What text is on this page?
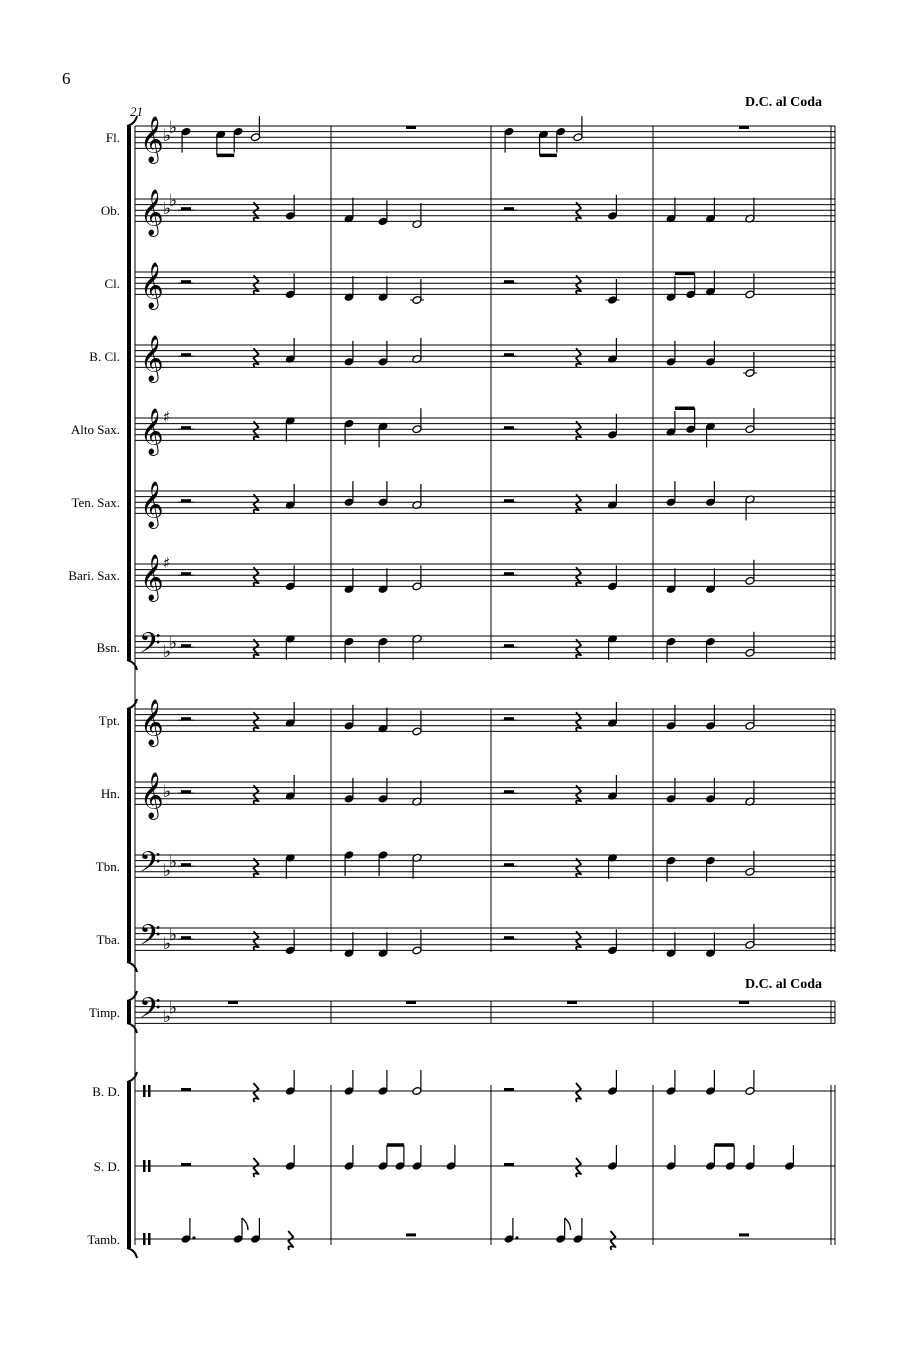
6
21
D.C. al Coda
D.C. al Coda
Fl. 𝄞 ♭
♭
Ob. 𝄞 ♭
♭
Cl. 𝄞
B. Cl. 𝄞
Alto Sax. 𝄞 ♯
Ten. Sax. 𝄞
Bari. Sax. 𝄞 ♯
Bsn. 𝄢 ♭
♭
Tpt. 𝄞
Hn. 𝄞 ♭
Tbn. 𝄢 ♭
♭
Tba. 𝄢 ♭
♭
Timp. 𝄢 ♭
♭
B. D.
S. D.
Tamb.
